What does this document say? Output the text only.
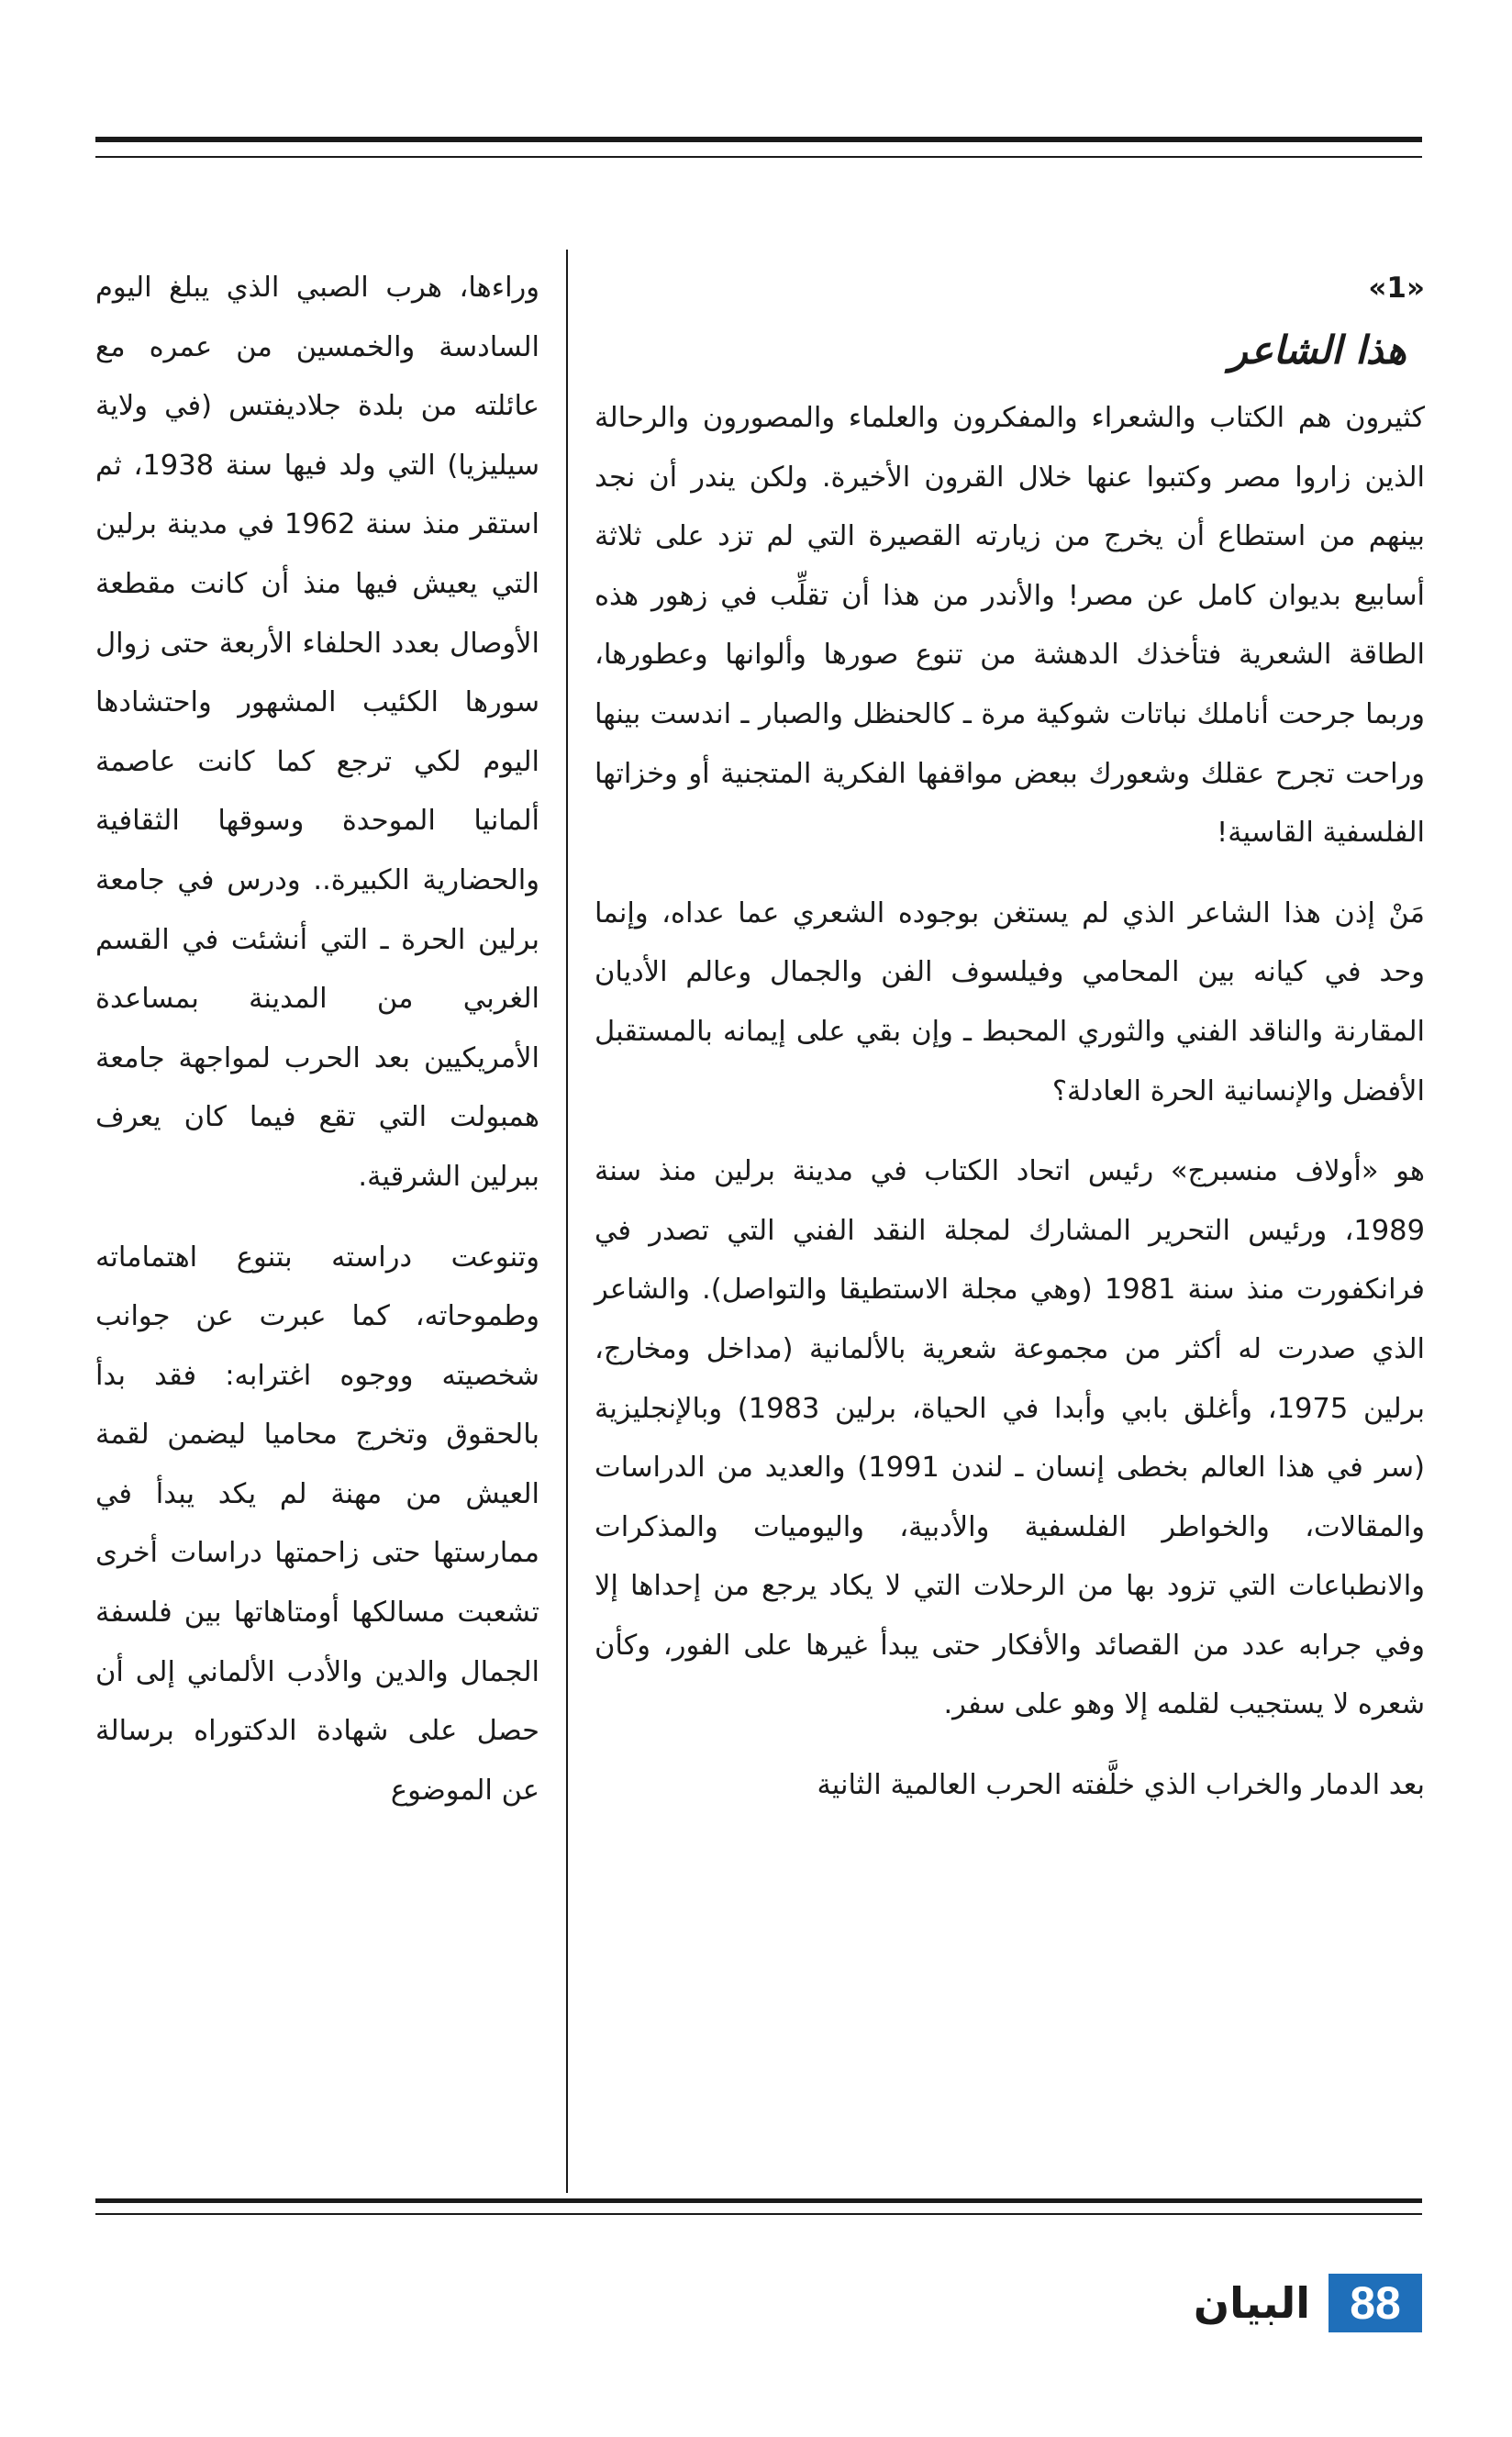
«1»
هذا الشاعر

كثيرون هم الكتاب والشعراء والمفكرون والعلماء والمصورون والرحالة الذين زاروا مصر وكتبوا عنها خلال القرون الأخيرة. ولكن يندر أن نجد بينهم من استطاع أن يخرج من زيارته القصيرة التي لم تزد على ثلاثة أسابيع بديوان كامل عن مصر! والأندر من هذا أن تقلِّب في زهور هذه الطاقة الشعرية فتأخذك الدهشة من تنوع صورها وألوانها وعطورها، وربما جرحت أناملك نباتات شوكية مرة ـ كالحنظل والصبار ـ اندست بينها وراحت تجرح عقلك وشعورك ببعض مواقفها الفكرية المتجنية أو وخزاتها الفلسفية القاسية!

مَنْ إذن هذا الشاعر الذي لم يستغن بوجوده الشعري عما عداه، وإنما وحد في كيانه بين المحامي وفيلسوف الفن والجمال وعالم الأديان المقارنة والناقد الفني والثوري المحبط ـ وإن بقي على إيمانه بالمستقبل الأفضل والإنسانية الحرة العادلة؟

هو «أولاف منسبرج» رئيس اتحاد الكتاب في مدينة برلين منذ سنة 1989، ورئيس التحرير المشارك لمجلة النقد الفني التي تصدر في فرانكفورت منذ سنة 1981 (وهي مجلة الاستطيقا والتواصل). والشاعر الذي صدرت له أكثر من مجموعة شعرية بالألمانية (مداخل ومخارج، برلين 1975، وأغلق بابي وأبدا في الحياة، برلين 1983) وبالإنجليزية (سر في هذا العالم بخطى إنسان ـ لندن 1991) والعديد من الدراسات والمقالات، والخواطر الفلسفية والأدبية، واليوميات والمذكرات والانطباعات التي تزود بها من الرحلات التي لا يكاد يرجع من إحداها إلا وفي جرابه عدد من القصائد والأفكار حتى يبدأ غيرها على الفور، وكأن شعره لا يستجيب لقلمه إلا وهو على سفر.

بعد الدمار والخراب الذي خلَّفته الحرب العالمية الثانية

وراءها، هرب الصبي الذي يبلغ اليوم السادسة والخمسين من عمره مع عائلته من بلدة جلاديفتس (في ولاية سيليزيا) التي ولد فيها سنة 1938، ثم استقر منذ سنة 1962 في مدينة برلين التي يعيش فيها منذ أن كانت مقطعة الأوصال بعدد الحلفاء الأربعة حتى زوال سورها الكئيب المشهور واحتشادها اليوم لكي ترجع كما كانت عاصمة ألمانيا الموحدة وسوقها الثقافية والحضارية الكبيرة.. ودرس في جامعة برلين الحرة ـ التي أنشئت في القسم الغربي من المدينة بمساعدة الأمريكيين بعد الحرب لمواجهة جامعة همبولت التي تقع فيما كان يعرف ببرلين الشرقية.

وتنوعت دراسته بتنوع اهتماماته وطموحاته، كما عبرت عن جوانب شخصيته ووجوه اغترابه: فقد بدأ بالحقوق وتخرج محاميا ليضمن لقمة العيش من مهنة لم يكد يبدأ في ممارستها حتى زاحمتها دراسات أخرى تشعبت مسالكها أومتاهاتها بين فلسفة الجمال والدين والأدب الألماني إلى أن حصل على شهادة الدكتوراه برسالة عن الموضوع

البيان 88
